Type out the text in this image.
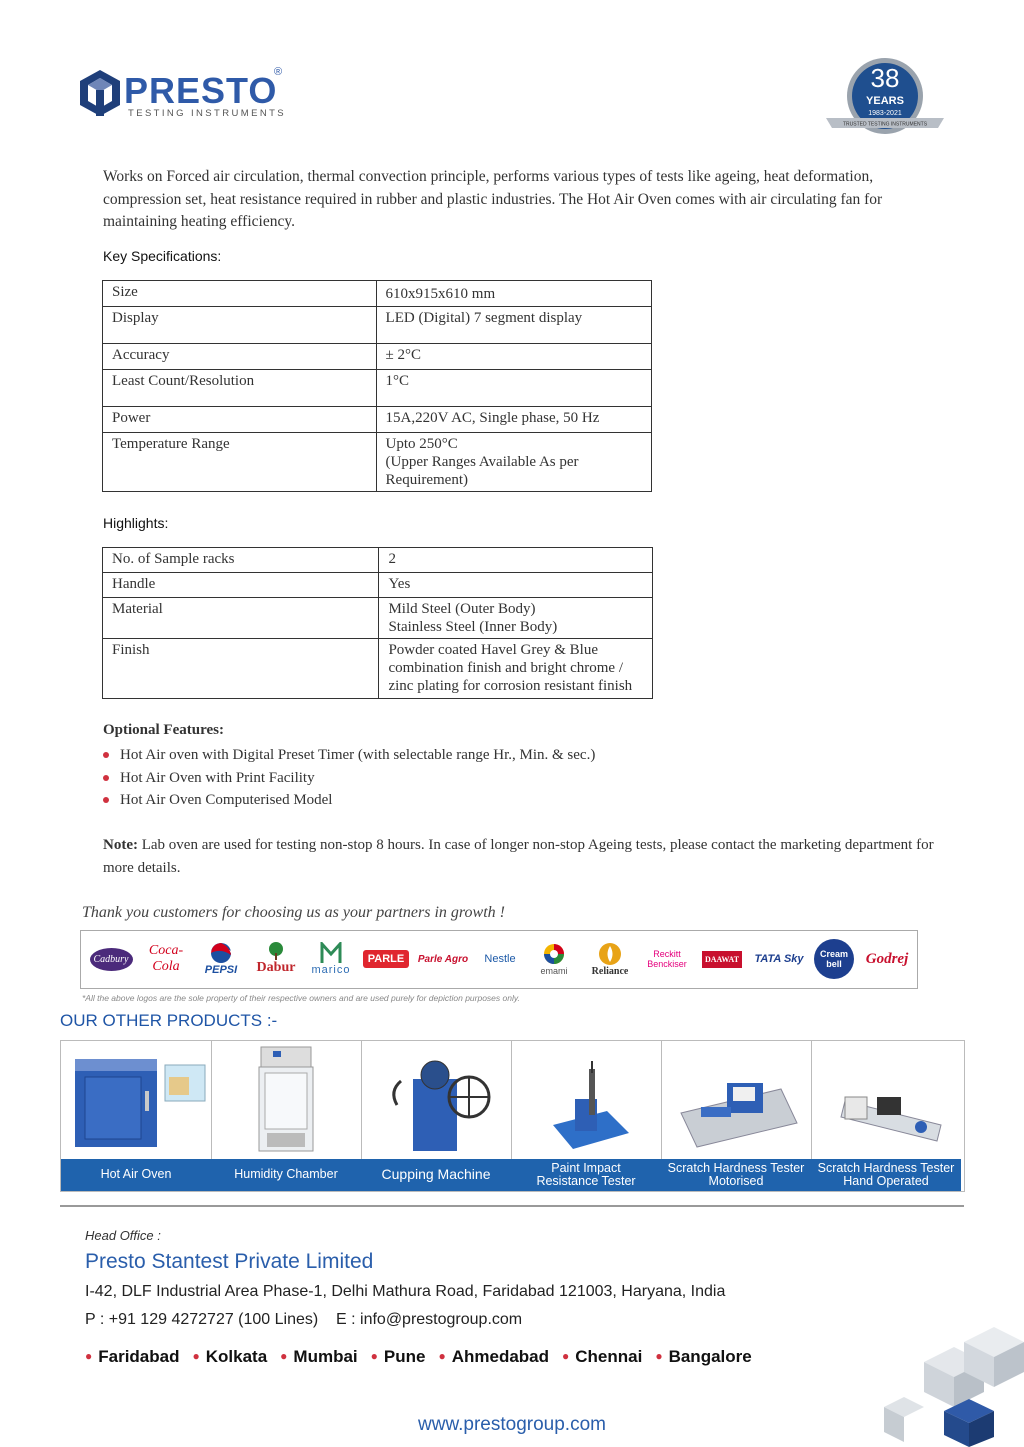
PRESTO
®
TESTING INSTRUMENTS
38
YEARS
1983-2021
TRUSTED TESTING INSTRUMENTS
Works on Forced air circulation, thermal convection principle, performs various types of tests like ageing, heat deformation, compression set, heat resistance required in rubber and plastic industries. The Hot Air Oven comes with air circulating fan for maintaining heating efficiency.
Key Specifications:
Size	610x915x610 mm
Display	LED (Digital) 7 segment display
Accuracy	± 2°C
Least Count/Resolution	1°C
Power	15A,220V AC, Single phase, 50 Hz
Temperature Range	Upto 250°C
(Upper Ranges Available As per
Requirement)
Highlights:
No. of Sample racks	2
Handle	Yes
Material	Mild Steel (Outer Body)
Stainless Steel (Inner Body)

Finish	Powder coated Havel Grey & Blue
combination finish and bright chrome /
zinc plating for corrosion resistant finish
Optional Features:
Hot Air oven with Digital Preset Timer (with selectable range Hr., Min. & sec.)
Hot Air Oven with Print Facility
Hot Air Oven Computerised Model
Note: Lab oven are used for testing non-stop 8 hours. In case of longer non-stop Ageing tests, please contact the marketing department for more details.
Thank you customers for choosing us as your partners in growth !
Cadbury
Coca-Cola	PEPSI Dabur marico
PARLE	Parle Agro Nestle
emami Reliance
Reckitt Benckiser	DAAWAT TATA Sky	Cream bell	Godrej
*All the above logos are the sole property of their respective owners and are used purely for depiction purposes only.
OUR OTHER PRODUCTS :-
Hot Air Oven	Humidity Chamber	Cupping Machine	Paint Impact
Resistance Tester
Scratch Hardness Tester
Motorised
Scratch Hardness Tester
Hand Operated
Head Office :
Presto Stantest Private Limited
I-42, DLF Industrial Area Phase-1, Delhi Mathura Road, Faridabad 121003, Haryana, India
P : +91 129 4272727 (100 Lines)    E : info@prestogroup.com
● Faridabad ● Kolkata ● Mumbai ● Pune ● Ahmedabad ● Chennai ● Bangalore
www.prestogroup.com
